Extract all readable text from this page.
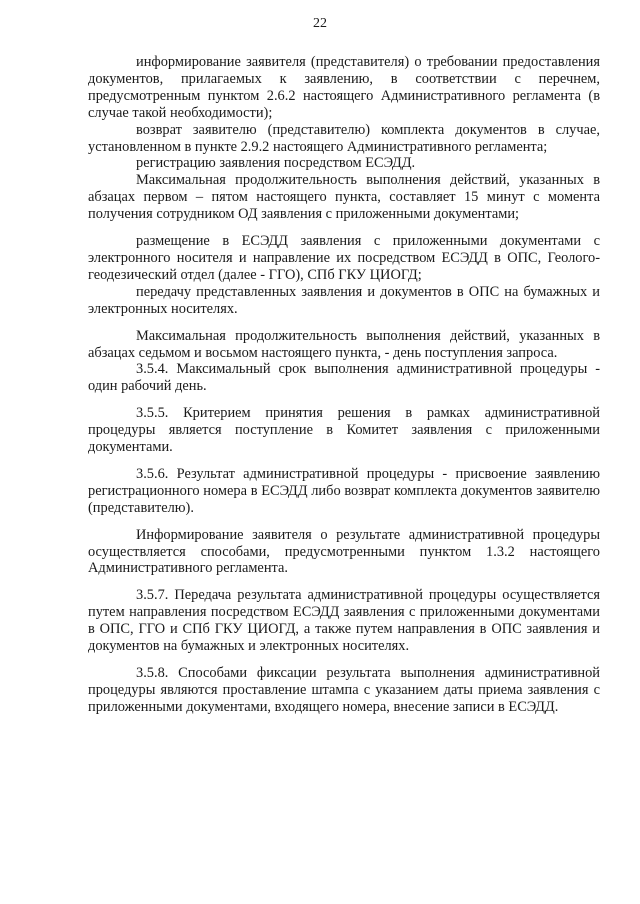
22

информирование заявителя (представителя) о требовании предоставления документов, прилагаемых к заявлению, в соответствии с перечнем, предусмотренным пунктом 2.6.2 настоящего Административного регламента (в случае такой необходимости);

возврат заявителю (представителю) комплекта документов в случае, установленном в пункте 2.9.2 настоящего Административного регламента;

регистрацию заявления посредством ЕСЭДД.

Максимальная продолжительность выполнения действий, указанных в абзацах первом – пятом настоящего пункта, составляет 15 минут с момента получения сотрудником ОД заявления с приложенными документами;

размещение в ЕСЭДД заявления с приложенными документами с электронного носителя и направление их посредством ЕСЭДД в ОПС, Геолого-геодезический отдел (далее - ГГО), СПб ГКУ ЦИОГД;

передачу представленных заявления и документов в ОПС на бумажных и электронных носителях.

Максимальная продолжительность выполнения действий, указанных в абзацах седьмом и восьмом настоящего пункта, - день поступления запроса.

3.5.4. Максимальный срок выполнения административной процедуры - один рабочий день.

3.5.5. Критерием принятия решения в рамках административной процедуры является поступление в Комитет заявления с приложенными документами.

3.5.6. Результат административной процедуры - присвоение заявлению регистрационного номера в ЕСЭДД либо возврат комплекта документов заявителю (представителю).

Информирование заявителя о результате административной процедуры осуществляется способами, предусмотренными пунктом 1.3.2 настоящего Административного регламента.

3.5.7. Передача результата административной процедуры осуществляется путем направления посредством ЕСЭДД заявления с приложенными документами в ОПС, ГГО и СПб ГКУ ЦИОГД, а также путем направления в ОПС заявления и документов на бумажных и электронных носителях.

3.5.8. Способами фиксации результата выполнения административной процедуры являются проставление штампа с указанием даты приема заявления с приложенными документами, входящего номера, внесение записи в ЕСЭДД.
